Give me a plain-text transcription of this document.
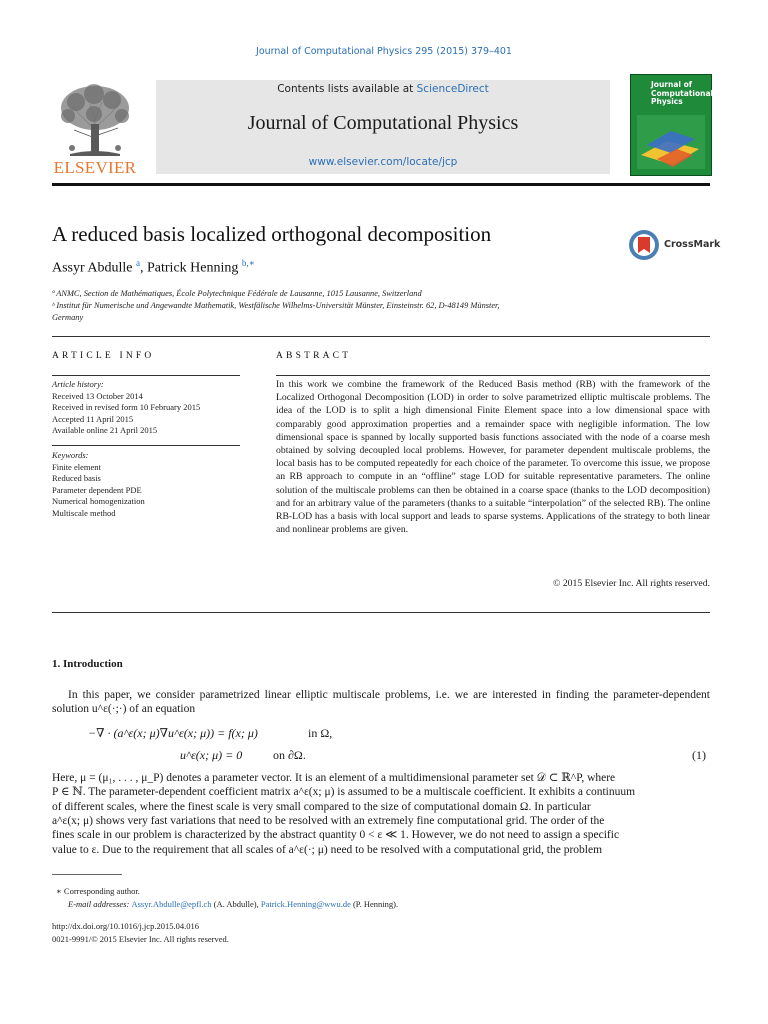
Journal of Computational Physics 295 (2015) 379–401
ELSEVIER
Contents lists available at ScienceDirect
Journal of Computational Physics
www.elsevier.com/locate/jcp
Journal of
Computational
Physics
A reduced basis localized orthogonal decomposition	CrossMark
Assyr Abdulle $^a$, Patrick Henning $^{b,∗}$
ª ANMC, Section de Mathématiques, École Polytechnique Fédérale de Lausanne, 1015 Lausanne, Switzerland
ᵇ Institut für Numerische und Angewandte Mathematik, Westfälische Wilhelms-Universität Münster, Einsteinstr. 62, D-48149 Münster,
Germany
ARTICLE INFO
Article history:
Received 13 October 2014
Received in revised form 10 February 2015
Accepted 11 April 2015
Available online 21 April 2015
Keywords:
Finite element
Reduced basis
Parameter dependent PDE
Numerical homogenization
Multiscale method
ABSTRACT
In this work we combine the framework of the Reduced Basis method (RB) with the framework of the Localized Orthogonal Decomposition (LOD) in order to solve parametrized elliptic multiscale problems. The idea of the LOD is to split a high dimensional Finite Element space into a low dimensional space with comparably good approximation properties and a remainder space with negligible information. The low dimensional space is spanned by locally supported basis functions associated with the node of a coarse mesh obtained by solving decoupled local problems. However, for parameter dependent multiscale problems, the local basis has to be computed repeatedly for each choice of the parameter. To overcome this issue, we propose an RB approach to compute in an “offline” stage LOD for suitable representative parameters. The online solution of the multiscale problems can then be obtained in a coarse space (thanks to the LOD decomposition) and for an arbitrary value of the parameters (thanks to a suitable “interpolation” of the selected RB). The online RB-LOD has a basis with local support and leads to sparse systems. Applications of the strategy to both linear and nonlinear problems are given.
© 2015 Elsevier Inc. All rights reserved.
1. Introduction
In this paper, we consider parametrized linear elliptic multiscale problems, i.e. we are interested in finding the parameter-dependent solution u^ε(·;·) of an equation
−∇ · (a^ε(x; μ)∇u^ε(x; μ)) = f(x; μ)	in Ω,
u^ε(x; μ) = 0	on ∂Ω.	(1)
Here, μ = (μ₁, . . . , μ_P) denotes a parameter vector. It is an element of a multidimensional parameter set 𝒟 ⊂ ℝ^P, where
P ∈ ℕ. The parameter-dependent coefficient matrix a^ε(x; μ) is assumed to be a multiscale coefficient. It exhibits a continuum
of different scales, where the finest scale is very small compared to the size of computational domain Ω. In particular
a^ε(x; μ) shows very fast variations that need to be resolved with an extremely fine computational grid. The order of the
fines scale in our problem is characterized by the abstract quantity 0 < ε ≪ 1. However, we do not need to assign a specific
value to ε. Due to the requirement that all scales of a^ε(·; μ) need to be resolved with a computational grid, the problem
∗ Corresponding author.
E-mail addresses: Assyr.Abdulle@epfl.ch (A. Abdulle), Patrick.Henning@wwu.de (P. Henning).
http://dx.doi.org/10.1016/j.jcp.2015.04.016
0021-9991/© 2015 Elsevier Inc. All rights reserved.
